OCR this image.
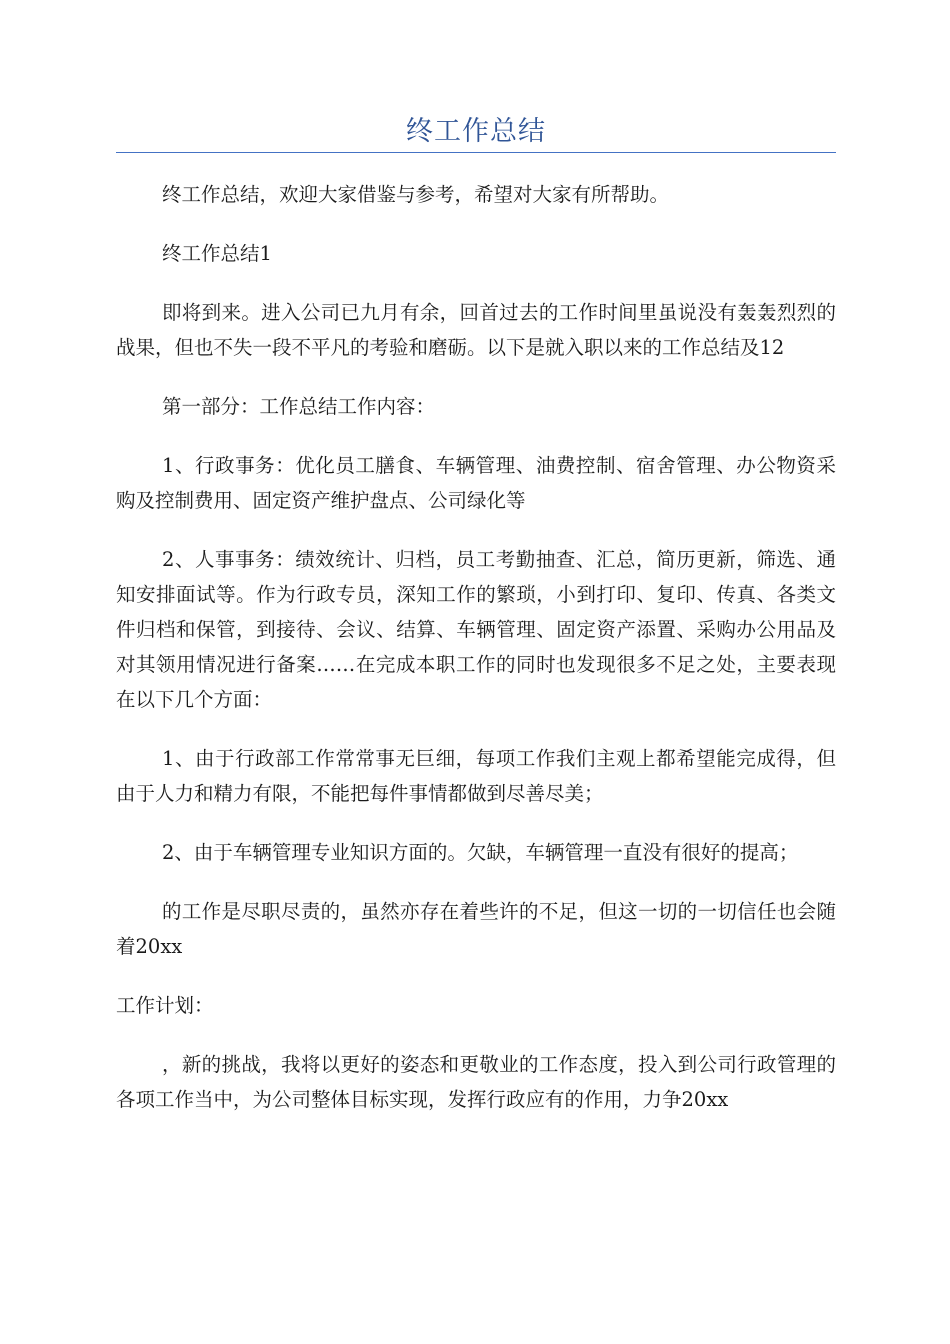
终工作总结

终工作总结，欢迎大家借鉴与参考，希望对大家有所帮助。

终工作总结1

即将到来。进入公司已九月有余，回首过去的工作时间里虽说没有轰轰烈烈的战果，但也不失一段不平凡的考验和磨砺。以下是就入职以来的工作总结及12

第一部分：工作总结工作内容：

1、行政事务：优化员工膳食、车辆管理、油费控制、宿舍管理、办公物资采购及控制费用、固定资产维护盘点、公司绿化等

2、人事事务：绩效统计、归档，员工考勤抽查、汇总，简历更新，筛选、通知安排面试等。作为行政专员，深知工作的繁琐，小到打印、复印、传真、各类文件归档和保管，到接待、会议、结算、车辆管理、固定资产添置、采购办公用品及对其领用情况进行备案……在完成本职工作的同时也发现很多不足之处，主要表现在以下几个方面：

1、由于行政部工作常常事无巨细，每项工作我们主观上都希望能完成得，但由于人力和精力有限，不能把每件事情都做到尽善尽美；

2、由于车辆管理专业知识方面的。欠缺，车辆管理一直没有很好的提高；

的工作是尽职尽责的，虽然亦存在着些许的不足，但这一切的一切信任也会随着20xx

工作计划：

，新的挑战，我将以更好的姿态和更敬业的工作态度，投入到公司行政管理的各项工作当中，为公司整体目标实现，发挥行政应有的作用，力争20xx
